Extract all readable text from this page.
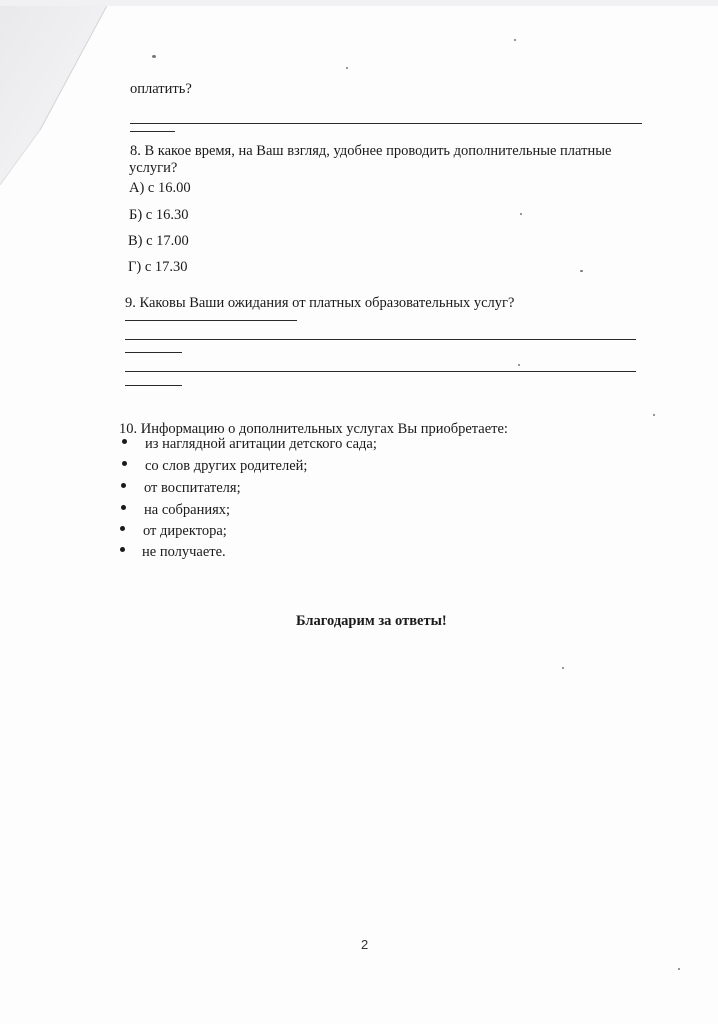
оплатить?
8. В какое время, на Ваш взгляд, удобнее проводить дополнительные платные
услуги?
А) с 16.00
Б) с 16.30
В) с 17.00
Г) с 17.30
9. Каковы Ваши ожидания от платных образовательных услуг?
10. Информацию о дополнительных услугах Вы приобретаете:
из наглядной агитации детского сада;
со слов других родителей;
от воспитателя;
на собраниях;
от директора;
не получаете.
Благодарим за ответы!
2
